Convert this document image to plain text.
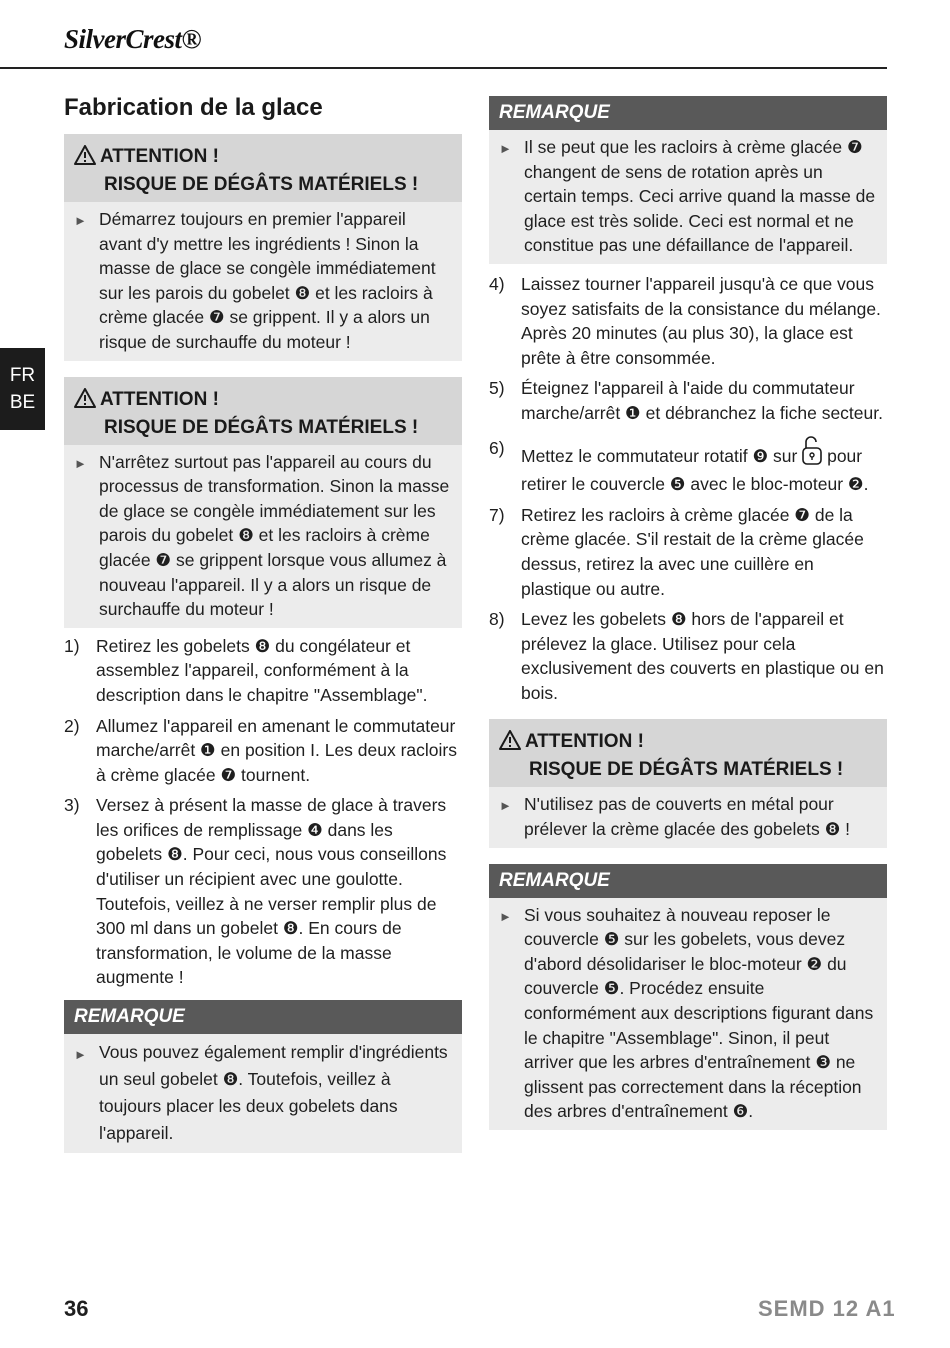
SilverCrest®
FR
BE
Fabrication de la glace
ATTENTION !
RISQUE DE DÉGÂTS MATÉRIELS !
► Démarrez toujours en premier l'appareil avant d'y mettre les ingrédients ! Sinon la masse de glace se congèle immédiatement sur les parois du gobelet ❽ et les racloirs à crème glacée ❼ se grippent. Il y a alors un risque de surchauffe du moteur !
ATTENTION !
RISQUE DE DÉGÂTS MATÉRIELS !
► N'arrêtez surtout pas l'appareil au cours du processus de transformation. Sinon la masse de glace se congèle immédiatement sur les parois du gobelet ❽ et les racloirs à crème glacée ❼ se grippent lorsque vous allumez à nouveau l'appareil. Il y a alors un risque de surchauffe du moteur !
1) Retirez les gobelets ❽ du congélateur et assemblez l'appareil, conformément à la description dans le chapitre "Assemblage".
2) Allumez l'appareil en amenant le commutateur marche/arrêt ❶ en position I. Les deux racloirs à crème glacée ❼ tournent.
3) Versez à présent la masse de glace à travers les orifices de remplissage ❹ dans les gobelets ❽. Pour ceci, nous vous conseillons d'utiliser un récipient avec une goulotte. Toutefois, veillez à ne verser remplir plus de 300 ml dans un gobelet ❽. En cours de transformation, le volume de la masse augmente !
REMARQUE
► Vous pouvez également remplir d'ingrédients un seul gobelet ❽. Toutefois, veillez à toujours placer les deux gobelets dans l'appareil.
REMARQUE
► Il se peut que les racloirs à crème glacée ❼ changent de sens de rotation après un certain temps. Ceci arrive quand la masse de glace est très solide. Ceci est normal et ne constitue pas une défaillance de l'appareil.
4) Laissez tourner l'appareil jusqu'à ce que vous soyez satisfaits de la consistance du mélange. Après 20 minutes (au plus 30), la glace est prête à être consommée.
5) Éteignez l'appareil à l'aide du commutateur marche/arrêt ❶ et débranchez la fiche secteur.
6) Mettez le commutateur rotatif ❾ sur pour retirer le couvercle ❺ avec le bloc-moteur ❷.
7) Retirez les racloirs à crème glacée ❼ de la crème glacée. S'il restait de la crème glacée dessus, retirez la avec une cuillère en plastique ou autre.
8) Levez les gobelets ❽ hors de l'appareil et prélevez la glace. Utilisez pour cela exclusivement des couverts en plastique ou en bois.
ATTENTION !
RISQUE DE DÉGÂTS MATÉRIELS !
► N'utilisez pas de couverts en métal pour prélever la crème glacée des gobelets ❽ !
REMARQUE
► Si vous souhaitez à nouveau reposer le couvercle ❺ sur les gobelets, vous devez d'abord désolidariser le bloc-moteur ❷ du couvercle ❺. Procédez ensuite conformément aux descriptions figurant dans le chapitre "Assemblage". Sinon, il peut arriver que les arbres d'entraînement ❸ ne glissent pas correctement dans la réception des arbres d'entraînement ❻.
36	SEMD 12 A1
